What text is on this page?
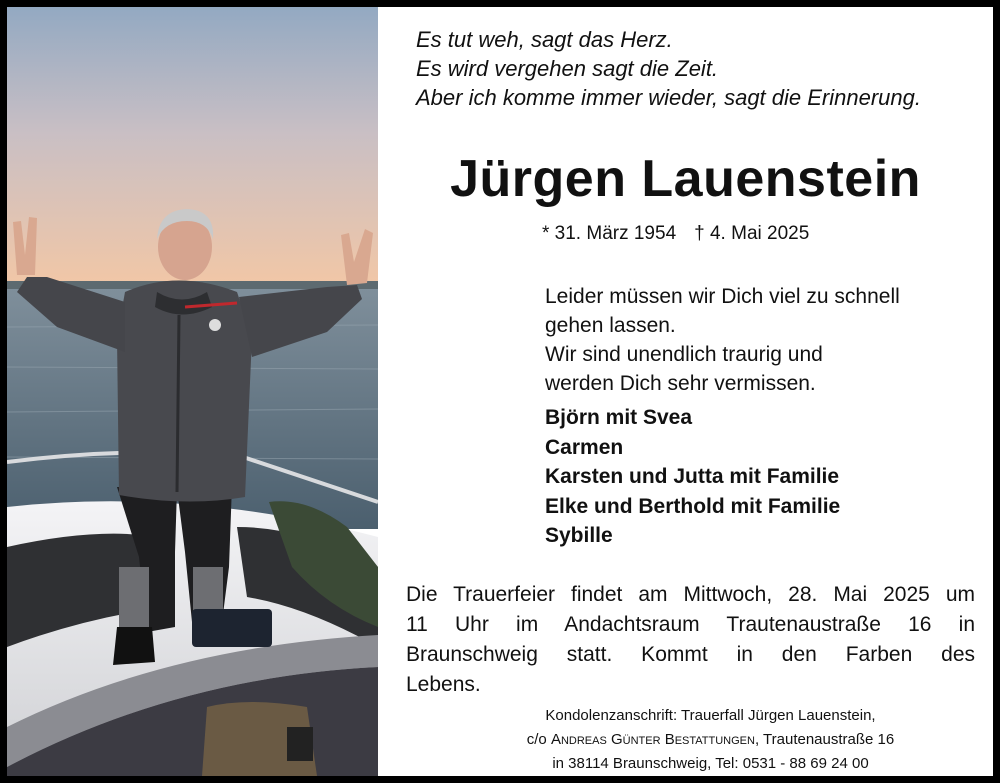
Es tut weh, sagt das Herz.
Es wird vergehen sagt die Zeit.
Aber ich komme immer wieder, sagt die Erinnerung.
Jürgen Lauenstein
* 31. März 1954 † 4. Mai 2025
Leider müssen wir Dich viel zu schnell
gehen lassen.
Wir sind unendlich traurig und
werden Dich sehr vermissen.
Björn mit Svea
Carmen
Karsten und Jutta mit Familie
Elke und Berthold mit Familie
Sybille
Die Trauerfeier findet am Mittwoch, 28. Mai 2025 um
11 Uhr im Andachtsraum Trautenaustraße 16 in
Braunschweig statt. Kommt in den Farben des
Lebens.
Kondolenzanschrift: Trauerfall Jürgen Lauenstein,
c/o Andreas Günter Bestattungen, Trautenaustraße 16
in 38114 Braunschweig, Tel: 0531 - 88 69 24 00
